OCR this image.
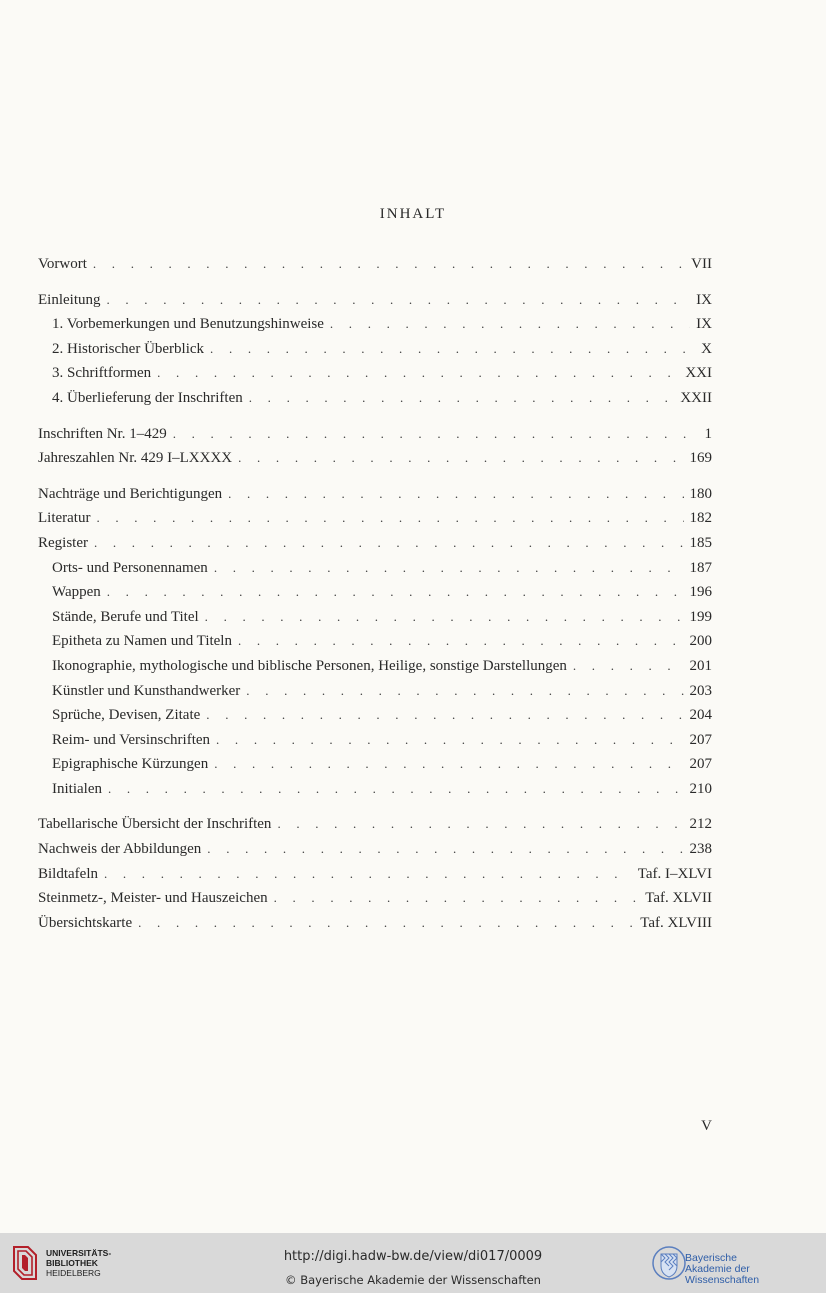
INHALT
Vorwort . . .	VII
Einleitung . . .	IX
1. Vorbemerkungen und Benutzungshinweise . . .	IX
2. Historischer Überblick . . .	X
3. Schriftformen . . .	XXI
4. Überlieferung der Inschriften . . .	XXII
Inschriften Nr. 1–429 . . .	1
Jahreszahlen Nr. 429 I–LXXXX . . .	169
Nachträge und Berichtigungen . . .	180
Literatur . . .	182
Register . . .	185
Orts- und Personennamen . . .	187
Wappen . . .	196
Stände, Berufe und Titel . . .	199
Epitheta zu Namen und Titeln . . .	200
Ikonographie, mythologische und biblische Personen, Heilige, sonstige Darstellungen . . .	201
Künstler und Kunsthandwerker . . .	203
Sprüche, Devisen, Zitate . . .	204
Reim- und Versinschriften . . .	207
Epigraphische Kürzungen . . .	207
Initialen . . .	210
Tabellarische Übersicht der Inschriften . . .	212
Nachweis der Abbildungen . . .	238
Bildtafeln . . .	Taf. I–XLVI
Steinmetz-, Meister- und Hauszeichen . . .	Taf. XLVII
Übersichtskarte . . .	Taf. XLVIII
V
UNIVERSITÄTS-
BIBLIOTHEK
HEIDELBERG
http://digi.hadw-bw.de/view/di017/0009
© Bayerische Akademie der Wissenschaften
Bayerische
Akademie der Wissenschaften
